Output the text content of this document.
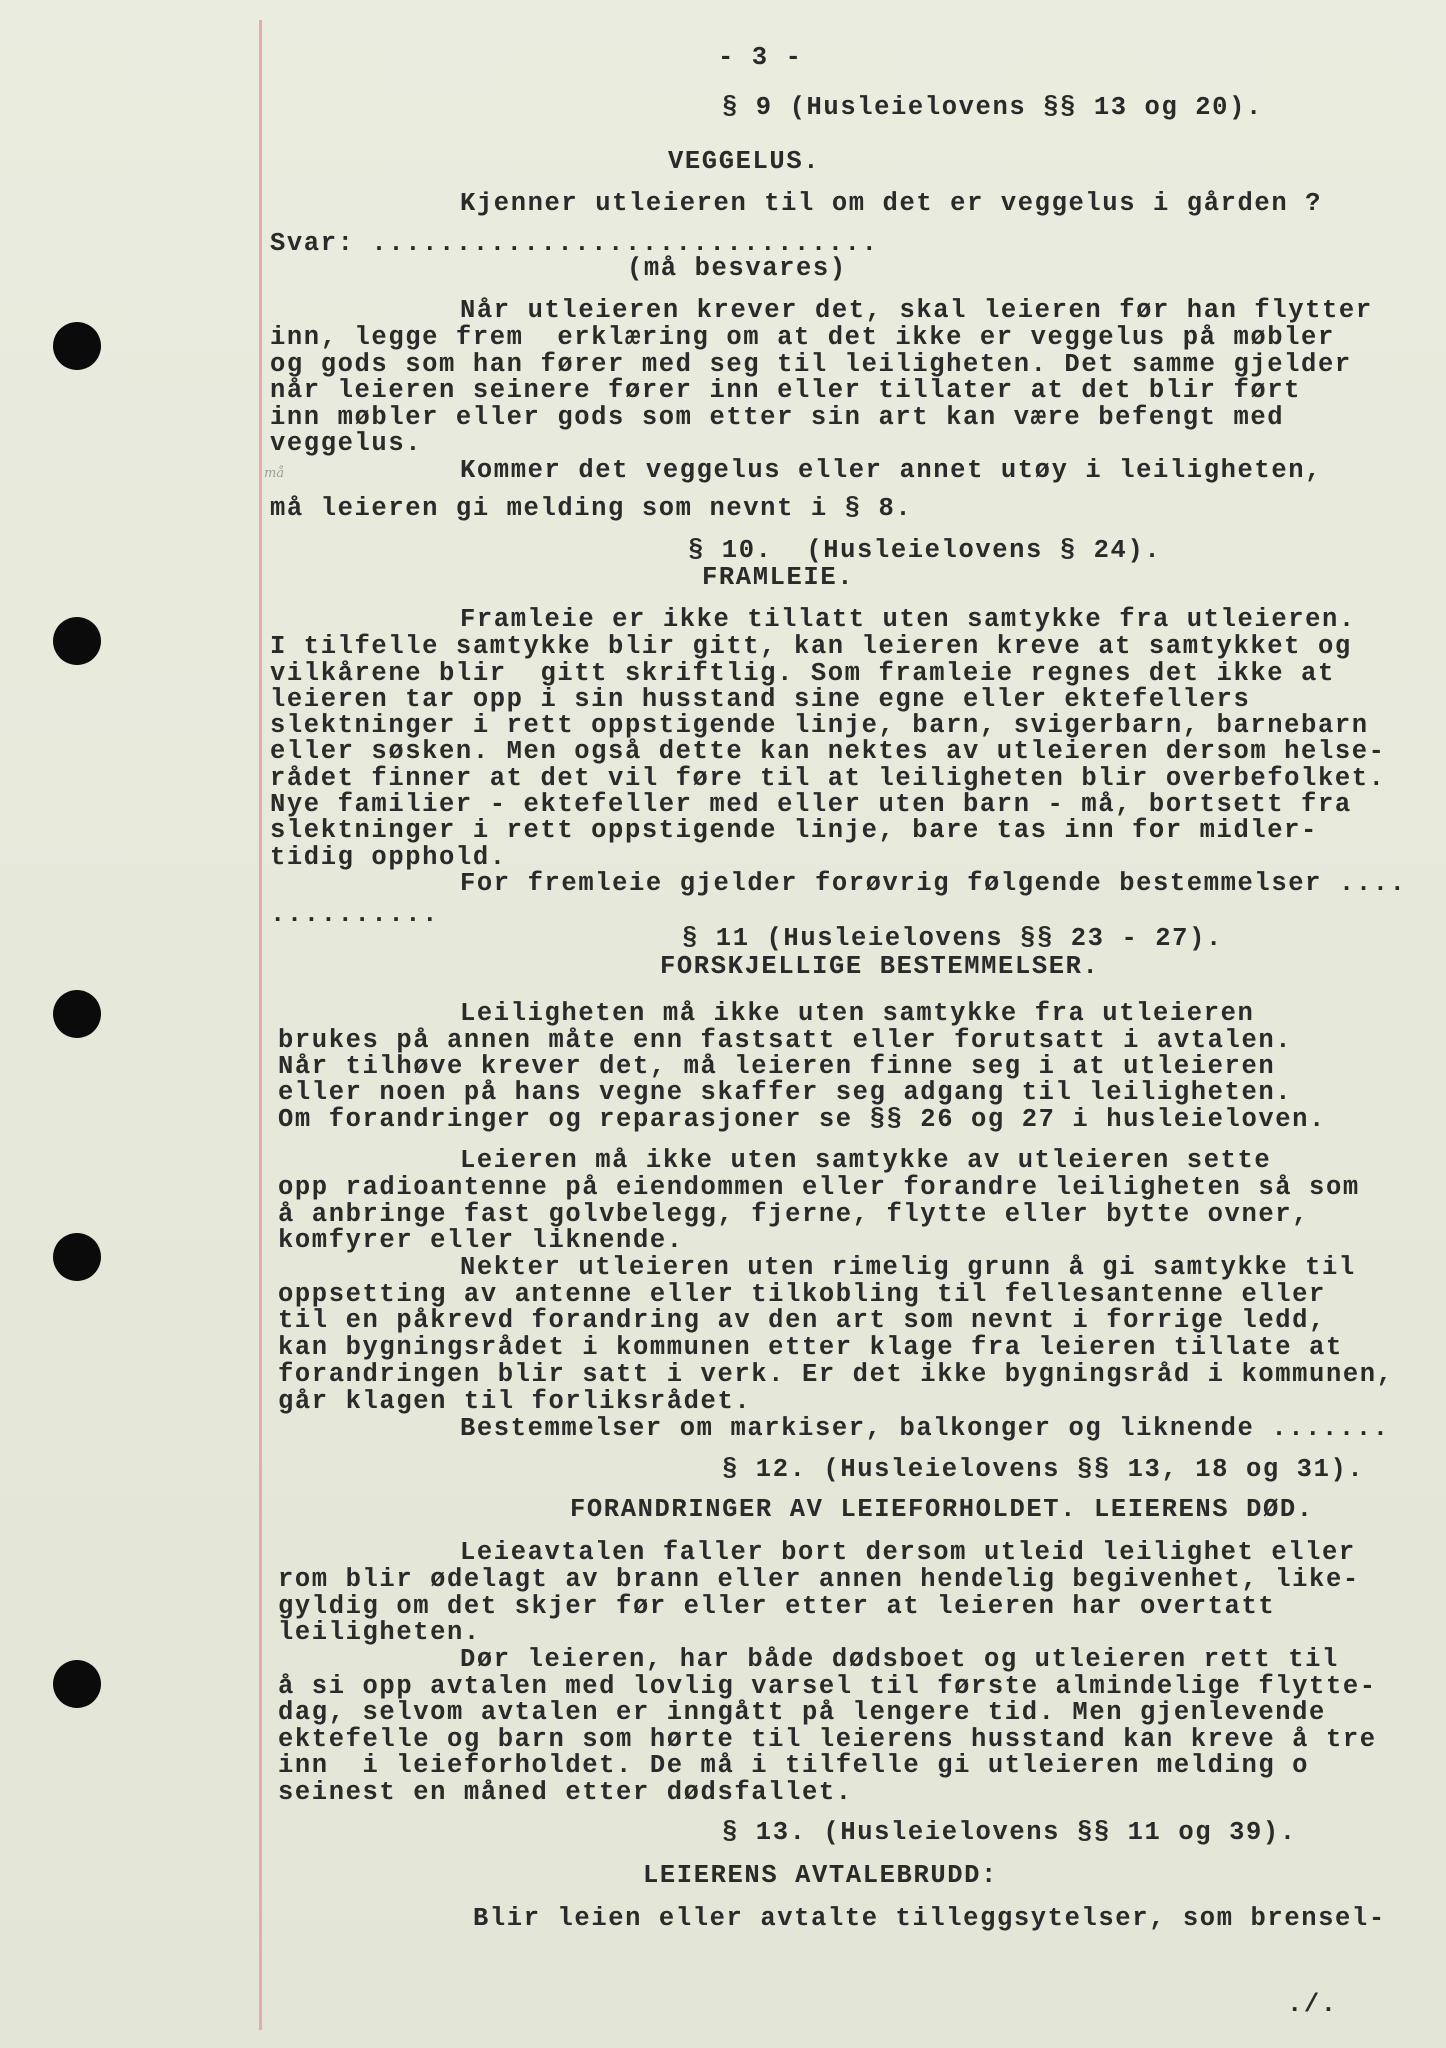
- 3 -
må
§ 9 (Husleielovens §§ 13 og 20).
VEGGELUS.
Kjenner utleieren til om det er veggelus i gården ?
Svar: ..............................
(må besvares)
Når utleieren krever det, skal leieren før han flytter
inn, legge frem  erklæring om at det ikke er veggelus på møbler
og gods som han fører med seg til leiligheten. Det samme gjelder
når leieren seinere fører inn eller tillater at det blir ført
inn møbler eller gods som etter sin art kan være befengt med
veggelus.
Kommer det veggelus eller annet utøy i leiligheten,
må leieren gi melding som nevnt i § 8.
§ 10.  (Husleielovens § 24).
FRAMLEIE.
Framleie er ikke tillatt uten samtykke fra utleieren.
I tilfelle samtykke blir gitt, kan leieren kreve at samtykket og
vilkårene blir  gitt skriftlig. Som framleie regnes det ikke at
leieren tar opp i sin husstand sine egne eller ektefellers
slektninger i rett oppstigende linje, barn, svigerbarn, barnebarn
eller søsken. Men også dette kan nektes av utleieren dersom helse-
rådet finner at det vil føre til at leiligheten blir overbefolket.
Nye familier - ektefeller med eller uten barn - må, bortsett fra
slektninger i rett oppstigende linje, bare tas inn for midler-
tidig opphold.
For fremleie gjelder forøvrig følgende bestemmelser ....
..........
§ 11 (Husleielovens §§ 23 - 27).
FORSKJELLIGE BESTEMMELSER.
Leiligheten må ikke uten samtykke fra utleieren
brukes på annen måte enn fastsatt eller forutsatt i avtalen.
Når tilhøve krever det, må leieren finne seg i at utleieren
eller noen på hans vegne skaffer seg adgang til leiligheten.
Om forandringer og reparasjoner se §§ 26 og 27 i husleieloven.
Leieren må ikke uten samtykke av utleieren sette
opp radioantenne på eiendommen eller forandre leiligheten så som
å anbringe fast golvbelegg, fjerne, flytte eller bytte ovner,
komfyrer eller liknende.
Nekter utleieren uten rimelig grunn å gi samtykke til
oppsetting av antenne eller tilkobling til fellesantenne eller
til en påkrevd forandring av den art som nevnt i forrige ledd,
kan bygningsrådet i kommunen etter klage fra leieren tillate at
forandringen blir satt i verk. Er det ikke bygningsråd i kommunen,
går klagen til forliksrådet.
Bestemmelser om markiser, balkonger og liknende .......
§ 12. (Husleielovens §§ 13, 18 og 31).
FORANDRINGER AV LEIEFORHOLDET. LEIERENS DØD.
Leieavtalen faller bort dersom utleid leilighet eller
rom blir ødelagt av brann eller annen hendelig begivenhet, like-
gyldig om det skjer før eller etter at leieren har overtatt
leiligheten.
Dør leieren, har både dødsboet og utleieren rett til
å si opp avtalen med lovlig varsel til første almindelige flytte-
dag, selvom avtalen er inngått på lengere tid. Men gjenlevende
ektefelle og barn som hørte til leierens husstand kan kreve å tre
inn  i leieforholdet. De må i tilfelle gi utleieren melding o
seinest en måned etter dødsfallet.
§ 13. (Husleielovens §§ 11 og 39).
LEIERENS AVTALEBRUDD:
Blir leien eller avtalte tilleggsytelser, som brensel-
./.
